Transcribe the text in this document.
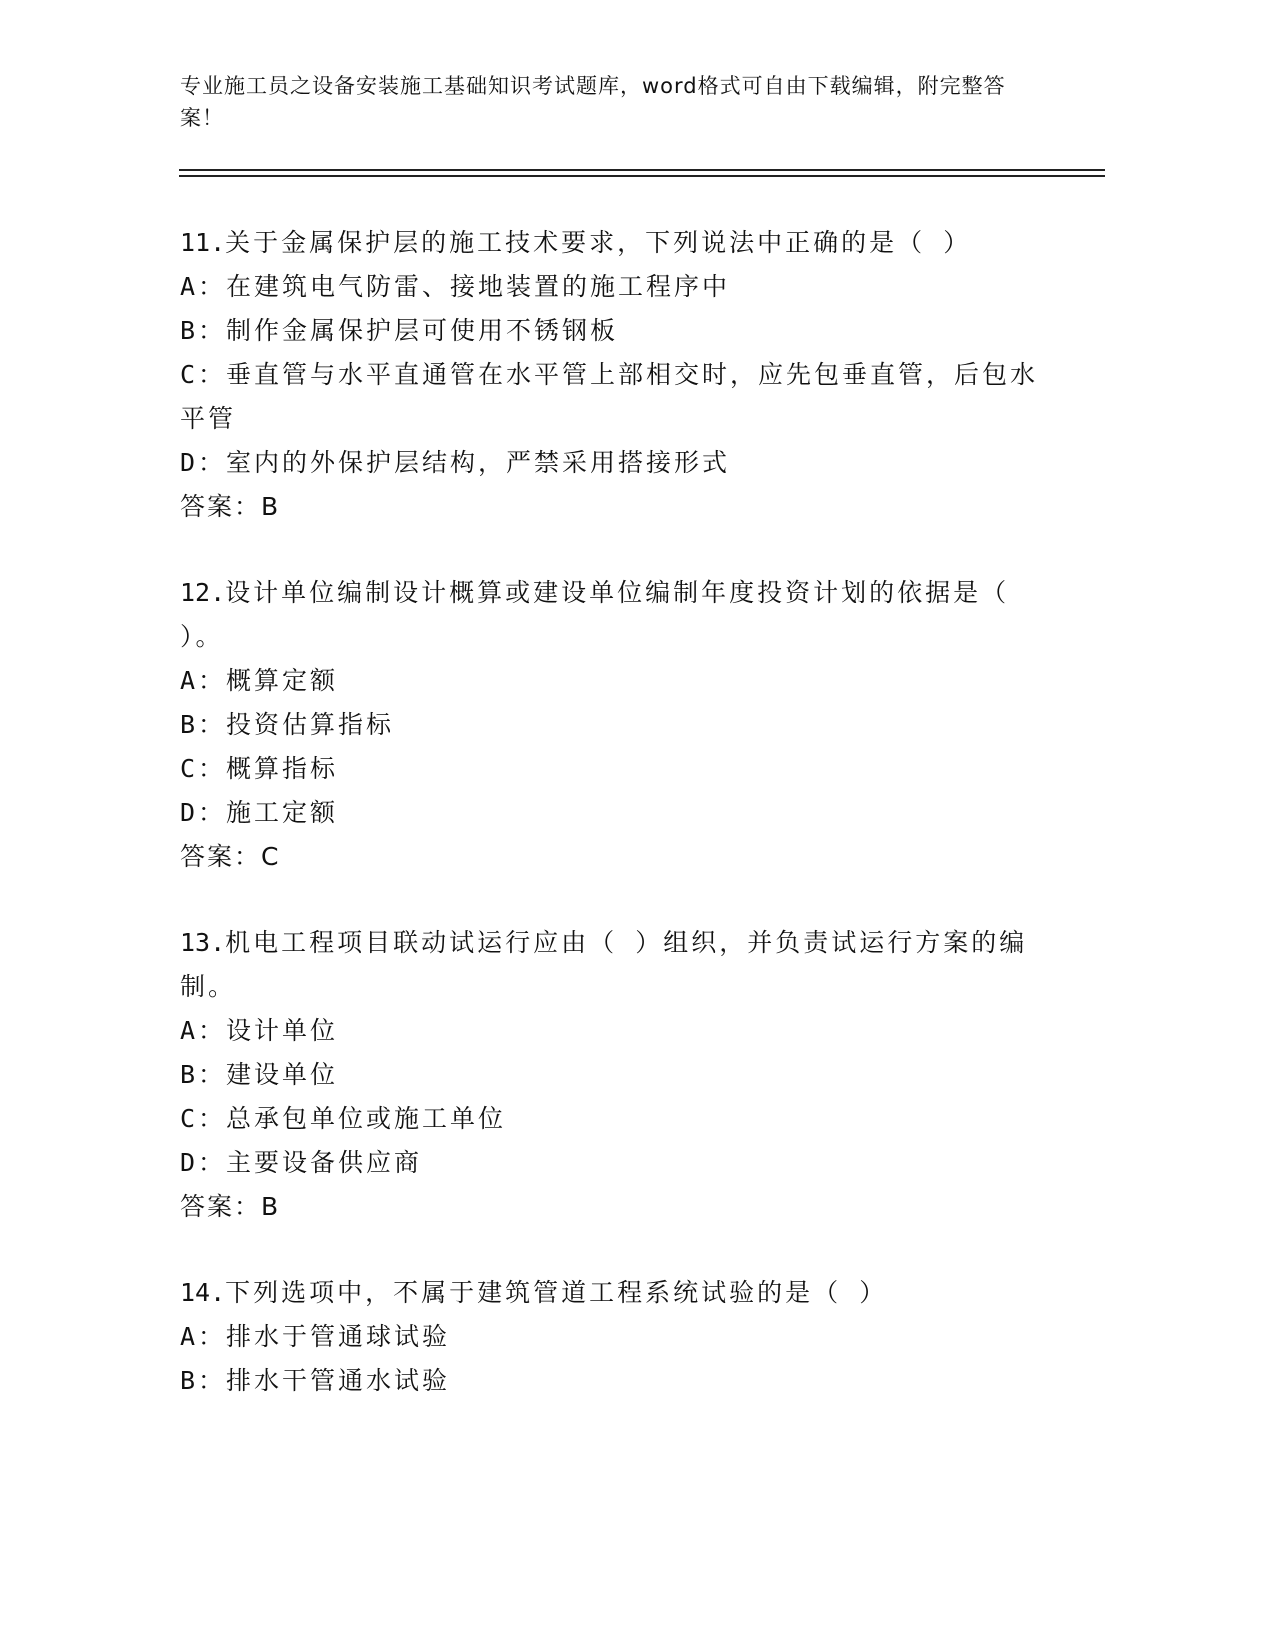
专业施工员之设备安装施工基础知识考试题库，word格式可自由下载编辑，附完整答案！
11.关于金属保护层的施工技术要求，下列说法中正确的是（ ）
A：在建筑电气防雷、接地装置的施工程序中
B：制作金属保护层可使用不锈钢板
C：垂直管与水平直通管在水平管上部相交时，应先包垂直管，后包水平管
D：室内的外保护层结构，严禁采用搭接形式
答案：B
12.设计单位编制设计概算或建设单位编制年度投资计划的依据是（ ）。
A：概算定额
B：投资估算指标
C：概算指标
D：施工定额
答案：C
13.机电工程项目联动试运行应由（ ）组织，并负责试运行方案的编制。
A：设计单位
B：建设单位
C：总承包单位或施工单位
D：主要设备供应商
答案：B
14.下列选项中，不属于建筑管道工程系统试验的是（ ）
A：排水于管通球试验
B：排水干管通水试验
